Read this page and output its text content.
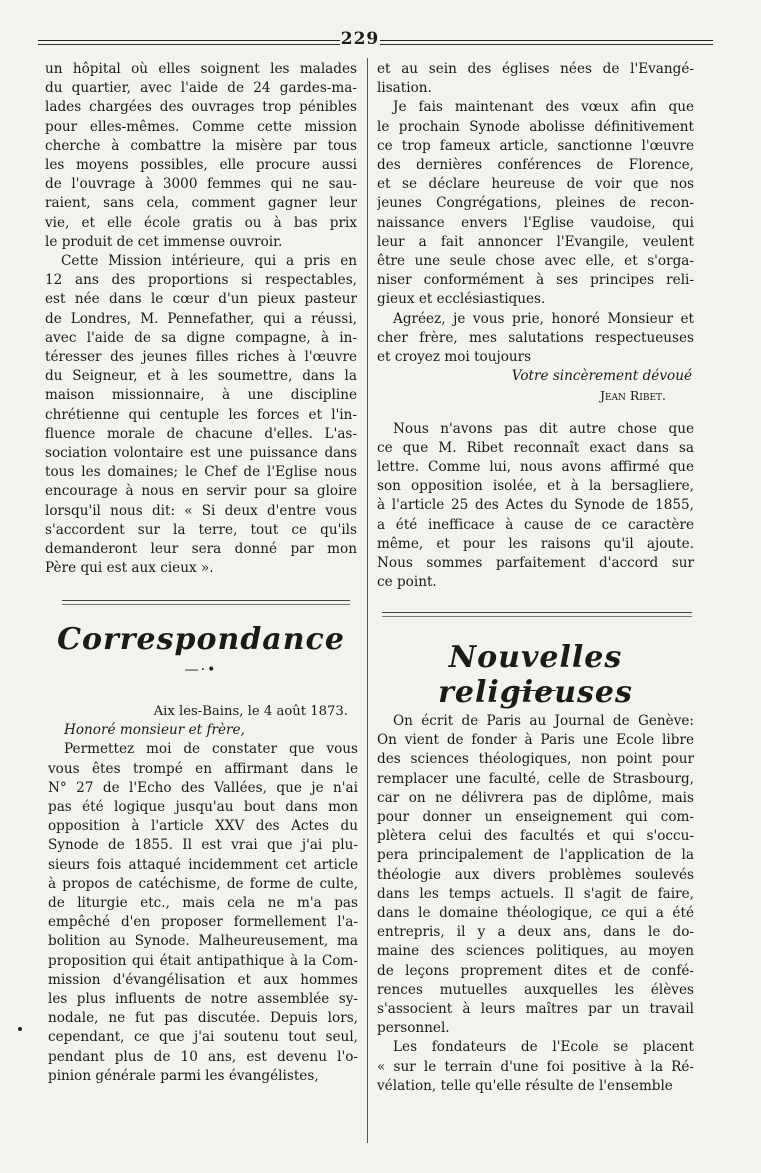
229

un hôpital où elles soignent les malades

du quartier, avec l'aide de 24 gardes-ma-

lades chargées des ouvrages trop pénibles

pour elles-mêmes. Comme cette mission

cherche à combattre la misère par tous

les moyens possibles, elle procure aussi

de l'ouvrage à 3000 femmes qui ne sau-

raient, sans cela, comment gagner leur

vie, et elle école gratis ou à bas prix

le produit de cet immense ouvroir.

Cette Mission intérieure, qui a pris en

12 ans des proportions si respectables,

est née dans le cœur d'un pieux pasteur

de Londres, M. Pennefather, qui a réussi,

avec l'aide de sa digne compagne, à in-

téresser des jeunes filles riches à l'œuvre

du Seigneur, et à les soumettre, dans la

maison missionnaire, à une discipline

chrétienne qui centuple les forces et l'in-

fluence morale de chacune d'elles. L'as-

sociation volontaire est une puissance dans

tous les domaines; le Chef de l'Eglise nous

encourage à nous en servir pour sa gloire

lorsqu'il nous dit: « Si deux d'entre vous

s'accordent sur la terre, tout ce qu'ils

demanderont leur sera donné par mon

Père qui est aux cieux ».

et au sein des églises nées de l'Evangé-

lisation.

Je fais maintenant des vœux afin que

le prochain Synode abolisse définitivement

ce trop fameux article, sanctionne l'œuvre

des dernières conférences de Florence,

et se déclare heureuse de voir que nos

jeunes Congrégations, pleines de recon-

naissance envers l'Eglise vaudoise, qui

leur a fait annoncer l'Evangile, veulent

être une seule chose avec elle, et s'orga-

niser conformément à ses principes reli-

gieux et ecclésiastiques.

Agréez, je vous prie, honoré Monsieur et

cher frère, mes salutations respectueuses

et croyez moi toujours

Votre sincèrement dévoué

Jean Ribet.

Nous n'avons pas dit autre chose que

ce que M. Ribet reconnaît exact dans sa

lettre. Comme lui, nous avons affirmé que

son opposition isolée, et à la bersagliere,

à l'article 25 des Actes du Synode de 1855,

a été inefficace à cause de ce caractère

même, et pour les raisons qu'il ajoute.

Nous sommes parfaitement d'accord sur

ce point.

Correspondance
—·•	Nouvelles religieuses

Aix les-Bains, le 4 août 1873.

Honoré monsieur et frère,

Permettez moi de constater que vous

vous êtes trompé en affirmant dans le

N° 27 de l'Echo des Vallées, que je n'ai

pas été logique jusqu'au bout dans mon

opposition à l'article XXV des Actes du

Synode de 1855. Il est vrai que j'ai plu-

sieurs fois attaqué incidemment cet article

à propos de catéchisme, de forme de culte,

de liturgie etc., mais cela ne m'a pas

empêché d'en proposer formellement l'a-

bolition au Synode. Malheureusement, ma

proposition qui était antipathique à la Com-

mission d'évangélisation et aux hommes

les plus influents de notre assemblée sy-

nodale, ne fut pas discutée. Depuis lors,

cependant, ce que j'ai soutenu tout seul,

pendant plus de 10 ans, est devenu l'o-

pinion générale parmi les évangélistes,

On écrit de Paris au Journal de Genève:

On vient de fonder à Paris une Ecole libre

des sciences théologiques, non point pour

remplacer une faculté, celle de Strasbourg,

car on ne délivrera pas de diplôme, mais

pour donner un enseignement qui com-

plètera celui des facultés et qui s'occu-

pera principalement de l'application de la

théologie aux divers problèmes soulevés

dans les temps actuels. Il s'agit de faire,

dans le domaine théologique, ce qui a été

entrepris, il y a deux ans, dans le do-

maine des sciences politiques, au moyen

de leçons proprement dites et de confé-

rences mutuelles auxquelles les élèves

s'associent à leurs maîtres par un travail

personnel.

Les fondateurs de l'Ecole se placent

« sur le terrain d'une foi positive à la Ré-

vélation, telle qu'elle résulte de l'ensemble
